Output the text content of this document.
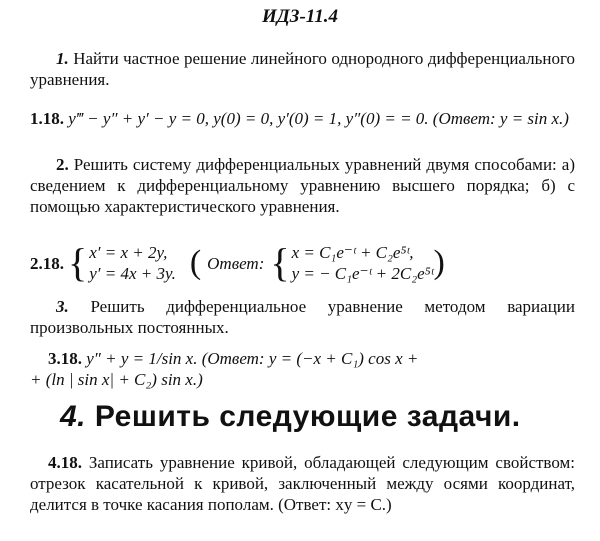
ИДЗ-11.4
1. Найти частное решение линейного однородного дифференциального уравнения.
1.18. y‴ − y″ + y′ − y = 0, y(0) = 0, y′(0) = 1, y″(0) = = 0. (Ответ: y = sin x.)
2. Решить систему дифференциальных уравнений двумя способами: а) сведением к дифференциальному уравнению высшего порядка; б) с помощью характеристического уравнения.
2.18. { x′ = x + 2y,
y′ = 4x + 3y. ( Ответ: { x = C₁e⁻ᵗ + C₂e⁵ᵗ,
y = − C₁e⁻ᵗ + 2C₂e⁵ᵗ )
3. Решить дифференциальное уравнение методом вариации произвольных постоянных.
3.18. y″ + y = 1/sin x. (Ответ: y = (−x + C₁) cos x +
+ (ln | sin x| + C₂) sin x.)
4. Решить следующие задачи.
4.18. Записать уравнение кривой, обладающей следующим свойством: отрезок касательной к кривой, заключенный между осями координат, делится в точке касания пополам. (Ответ: xy = C.)
